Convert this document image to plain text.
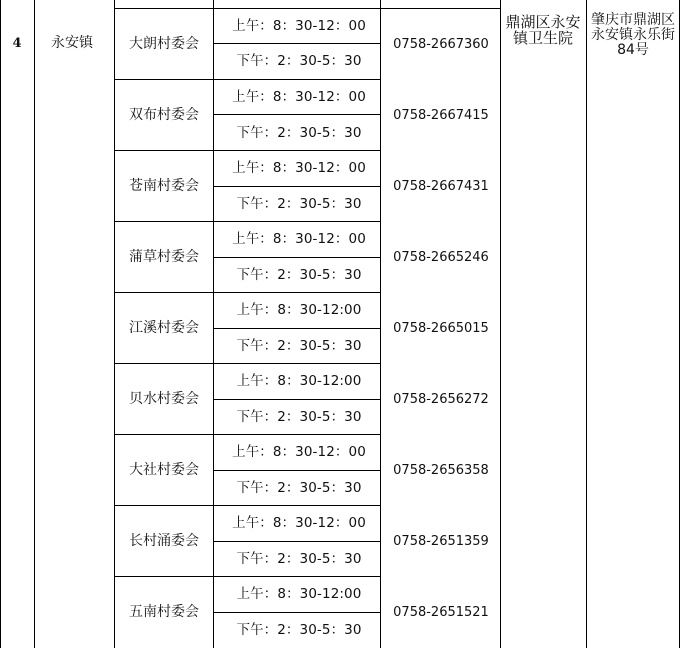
4	永安镇	大朗村委会
上午：8：30-12：00
下午：2：30-5：30
0758-2667360
双布村委会
上午：8：30-12：00
下午：2：30-5：30
0758-2667415
苍南村委会
上午：8：30-12：00
下午：2：30-5：30
0758-2667431
蒲草村委会
上午：8：30-12：00
下午：2：30-5：30
0758-2665246
江溪村委会
上午：8：30-12:00
下午：2：30-5：30
0758-2665015
贝水村委会
上午：8：30-12:00
下午：2：30-5：30
0758-2656272
大社村委会
上午：8：30-12：00
下午：2：30-5：30
0758-2656358
长村涌委会
上午：8：30-12：00
下午：2：30-5：30
0758-2651359
五南村委会
上午：8：30-12:00
下午：2：30-5：30
0758-2651521
鼎湖区永安镇卫生院
肇庆市鼎湖区永安镇永乐街84号
